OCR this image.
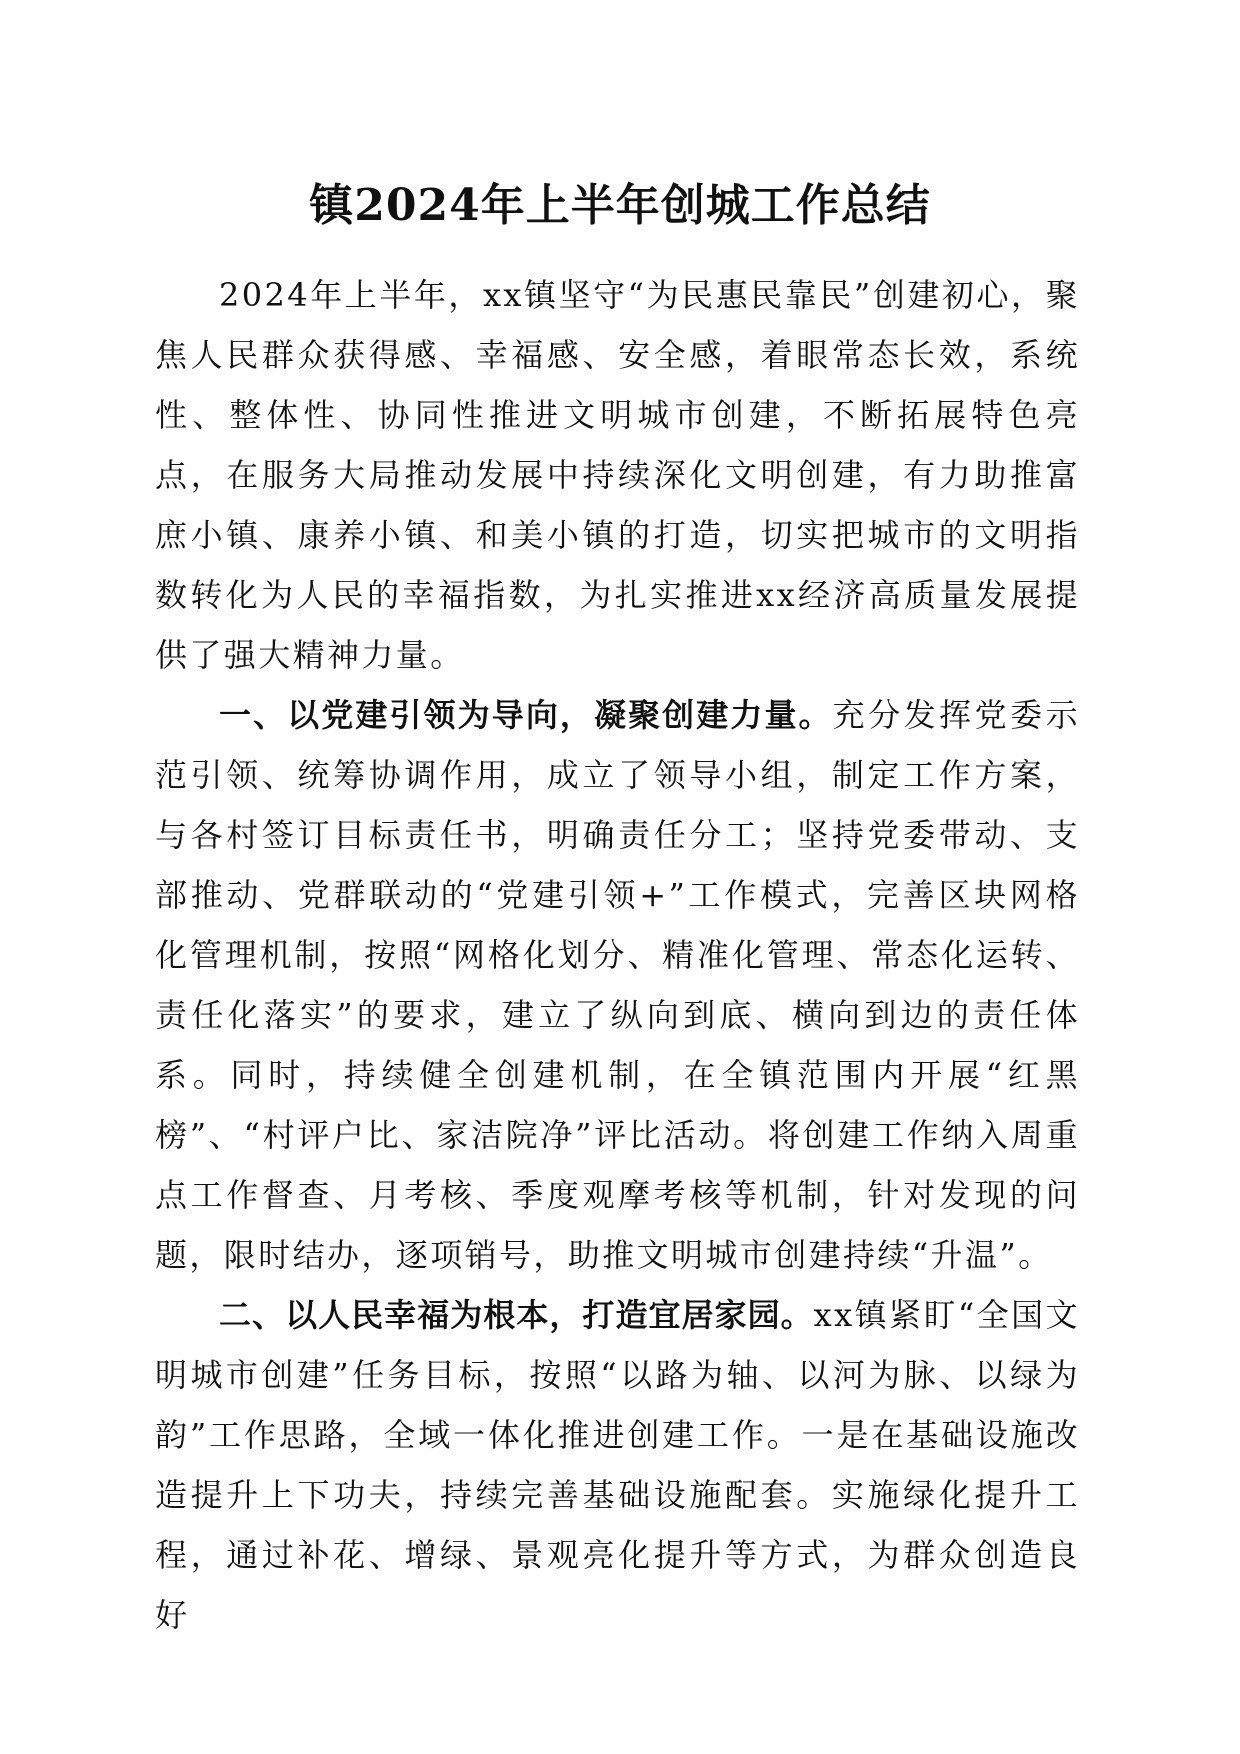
镇2024年上半年创城工作总结

2024年上半年，xx镇坚守“为民惠民靠民”创建初心，聚焦人民群众获得感、幸福感、安全感，着眼常态长效，系统性、整体性、协同性推进文明城市创建，不断拓展特色亮点，在服务大局推动发展中持续深化文明创建，有力助推富庶小镇、康养小镇、和美小镇的打造，切实把城市的文明指数转化为人民的幸福指数，为扎实推进xx经济高质量发展提供了强大精神力量。

一、以党建引领为导向，凝聚创建力量。充分发挥党委示范引领、统筹协调作用，成立了领导小组，制定工作方案，与各村签订目标责任书，明确责任分工；坚持党委带动、支部推动、党群联动的“党建引领+”工作模式，完善区块网格化管理机制，按照“网格化划分、精准化管理、常态化运转、责任化落实”的要求，建立了纵向到底、横向到边的责任体系。同时，持续健全创建机制，在全镇范围内开展“红黑榜”、“村评户比、家洁院净”评比活动。将创建工作纳入周重点工作督查、月考核、季度观摩考核等机制，针对发现的问题，限时结办，逐项销号，助推文明城市创建持续“升温”。

二、以人民幸福为根本，打造宜居家园。xx镇紧盯“全国文明城市创建”任务目标，按照“以路为轴、以河为脉、以绿为韵”工作思路，全域一体化推进创建工作。一是在基础设施改造提升上下功夫，持续完善基础设施配套。实施绿化提升工程，通过补花、增绿、景观亮化提升等方式，为群众创造良好
